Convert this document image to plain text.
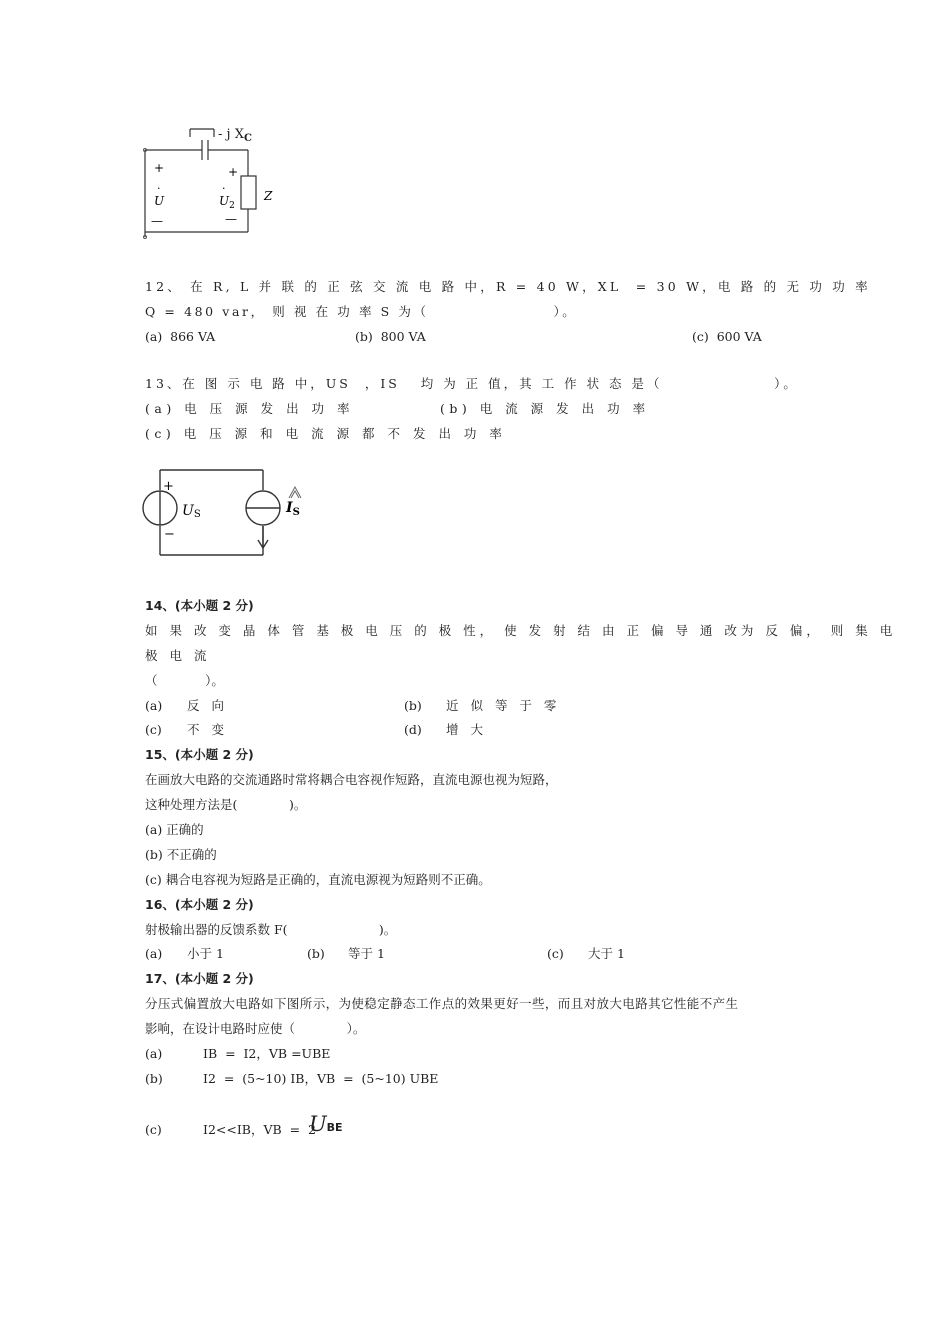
- j $X_C$
+
·
U
—
+
·
$U_2$
—
Z
12、 在 R, L 并 联 的 正 弦 交 流 电 路 中，R = 40 W，XL  = 30 W，电 路 的 无 功 功 率
Q = 480 var， 则 视 在 功 率 S 为（                   ）。
(a)  866 VA	(b)  800 VA	(c)  600 VA
13、在 图 示 电 路 中，US  ，IS   均 为 正 值，其 工 作 状 态 是（                ）。
(a) 电 压 源 发 出 功 率	(b) 电 流 源 发 出 功 率
(c) 电 压 源 和 电 流 源 都 不 发 出 功 率
+
−
US	$I_S$
14、(本小题 2 分)
如 果 改 变 晶 体 管 基 极 电 压 的 极 性， 使 发 射 结 由 正 偏 导 通 改为 反 偏， 则 集 电
极 电 流
（            ）。
(a) 反 向	(b) 近 似 等 于 零
(c) 不 变	(d) 增 大
15、(本小题 2 分)
在画放大电路的交流通路时常将耦合电容视作短路，直流电源也视为短路，
这种处理方法是(             )。
(a) 正确的
(b) 不正确的
(c) 耦合电容视为短路是正确的，直流电源视为短路则不正确。
16、(本小题 2 分)
射极输出器的反馈系数 F(                       )。
(a) 小于 1	(b) 等于 1	(c) 大于 1
17、(本小题 2 分)
分压式偏置放大电路如下图所示，为使稳定静态工作点的效果更好一些，而且对放大电路其它性能不产生
影响，在设计电路时应使（             ）。
(a)	IB  =  I2，VB =UBE
(b)	I2  =  (5~10) IB，VB  =  (5~10) UBE

UBE

(c)	I2<<IB，VB  =  2
